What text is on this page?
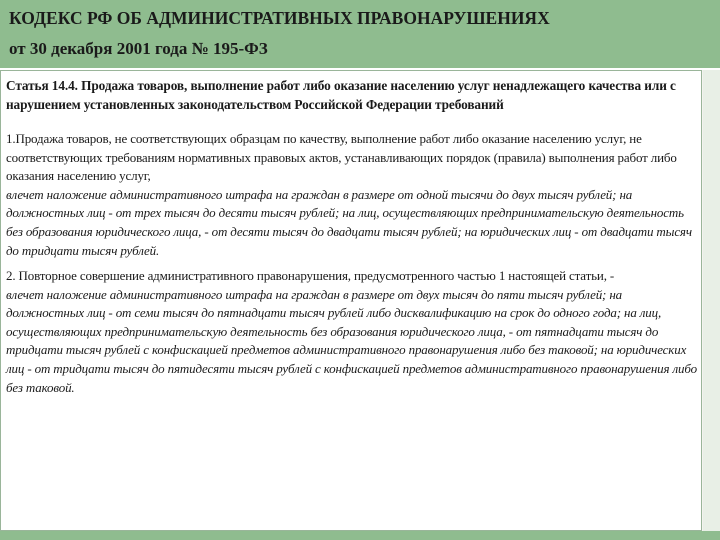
КОДЕКС РФ ОБ АДМИНИСТРАТИВНЫХ ПРАВОНАРУШЕНИЯХ
от 30 декабря 2001 года № 195-ФЗ
Статья 14.4. Продажа товаров, выполнение работ либо оказание населению услуг ненадлежащего качества или с нарушением установленных законодательством Российской Федерации требований
1.Продажа товаров, не соответствующих образцам по качеству, выполнение работ либо оказание населению услуг, не соответствующих требованиям нормативных правовых актов, устанавливающих порядок (правила) выполнения работ либо оказания населению услуг,
влечет наложение административного штрафа на граждан в размере от одной тысячи до двух тысяч рублей; на должностных лиц - от трех тысяч до десяти тысяч рублей; на лиц, осуществляющих предпринимательскую деятельность без образования юридического лица, - от десяти тысяч до двадцати тысяч рублей; на юридических лиц - от двадцати тысяч до тридцати тысяч рублей.
2. Повторное совершение административного правонарушения, предусмотренного частью 1 настоящей статьи, -
влечет наложение административного штрафа на граждан в размере от двух тысяч до пяти тысяч рублей; на должностных лиц - от семи тысяч до пятнадцати тысяч рублей либо дисквалификацию на срок до одного года; на лиц, осуществляющих предпринимательскую деятельность без образования юридического лица, - от пятнадцати тысяч до тридцати тысяч рублей с конфискацией предметов административного правонарушения либо без таковой; на юридических лиц - от тридцати тысяч до пятидесяти тысяч рублей с конфискацией предметов административного правонарушения либо без таковой.
